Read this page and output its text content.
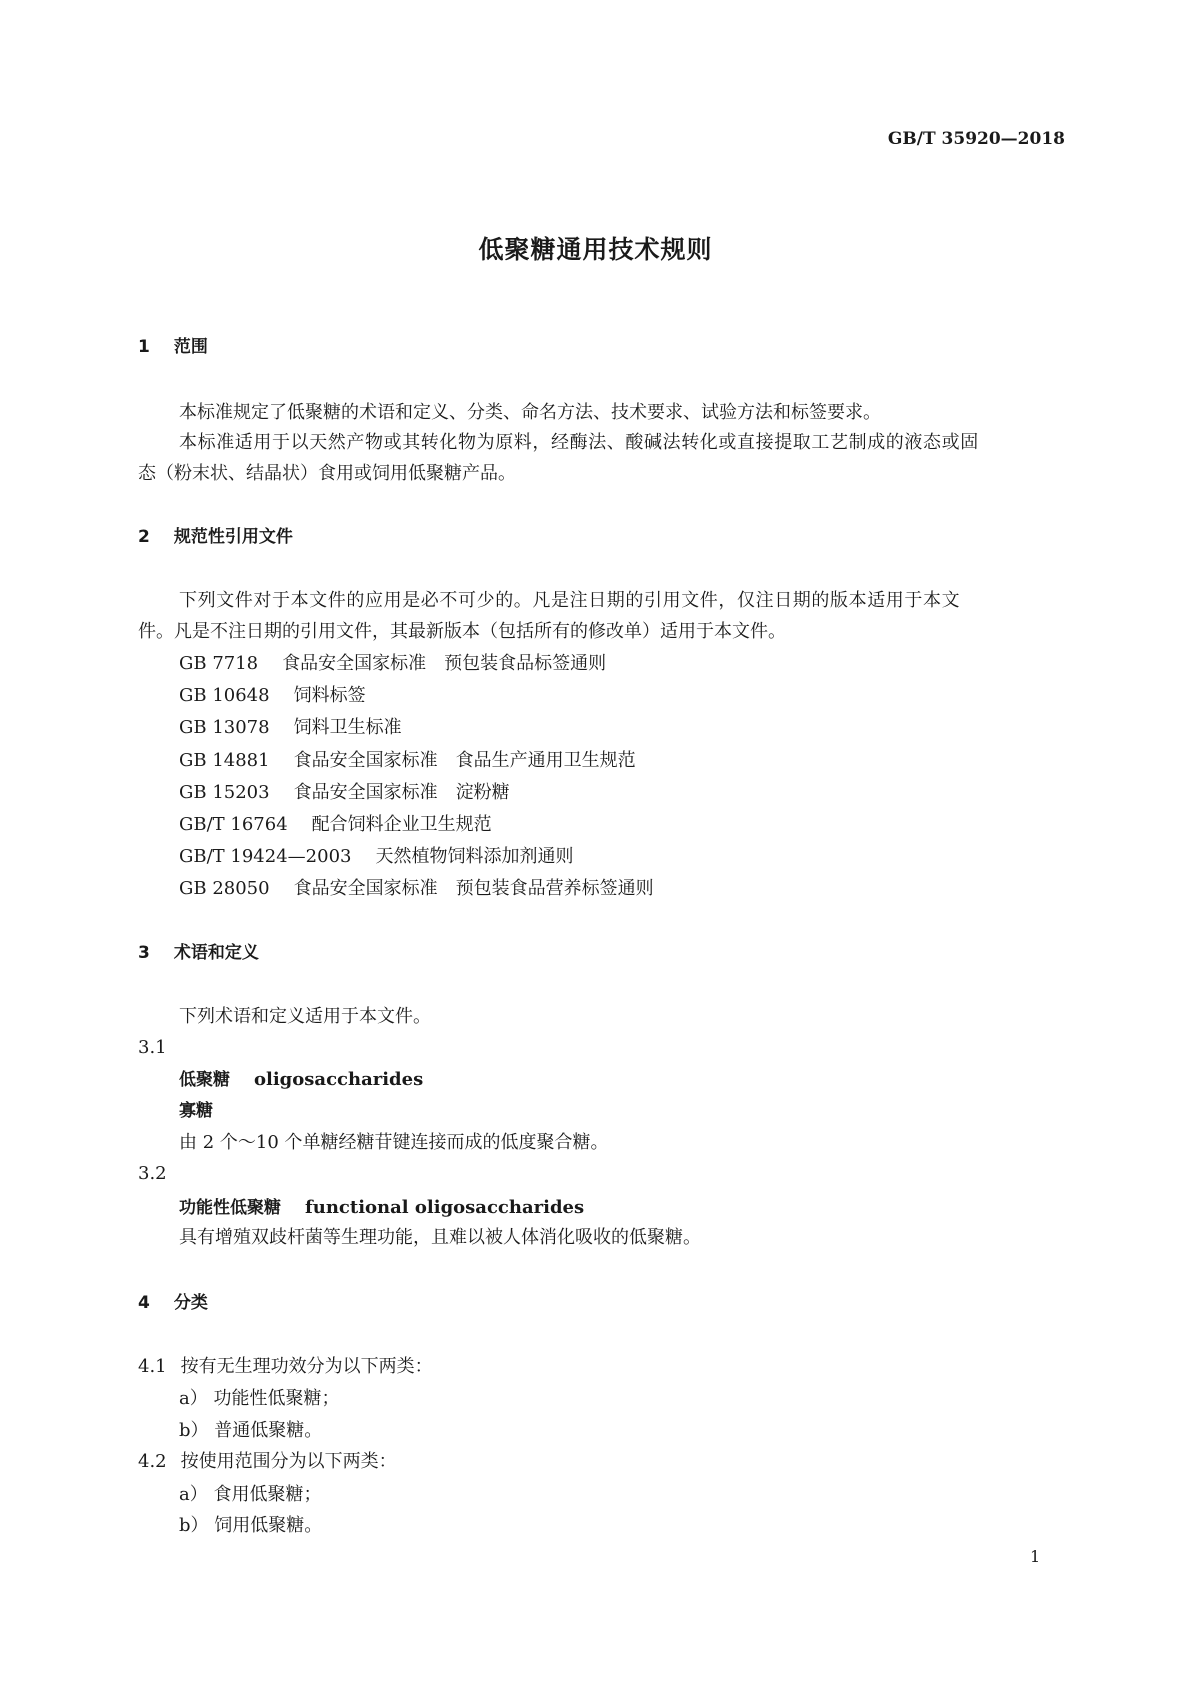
GB/T 35920—2018
低聚糖通用技术规则
1 范围
本标准规定了低聚糖的术语和定义、分类、命名方法、技术要求、试验方法和标签要求。
本标准适用于以天然产物或其转化物为原料，经酶法、酸碱法转化或直接提取工艺制成的液态或固
态（粉末状、结晶状）食用或饲用低聚糖产品。
2 规范性引用文件
下列文件对于本文件的应用是必不可少的。凡是注日期的引用文件，仅注日期的版本适用于本文
件。凡是不注日期的引用文件，其最新版本（包括所有的修改单）适用于本文件。
GB 7718 食品安全国家标准　预包装食品标签通则
GB 10648 饲料标签
GB 13078 饲料卫生标准
GB 14881 食品安全国家标准　食品生产通用卫生规范
GB 15203 食品安全国家标准　淀粉糖
GB/T 16764 配合饲料企业卫生规范
GB/T 19424—2003 天然植物饲料添加剂通则
GB 28050 食品安全国家标准　预包装食品营养标签通则
3 术语和定义
下列术语和定义适用于本文件。
3.1
低聚糖 oligosaccharides
寡糖
由 2 个～10 个单糖经糖苷键连接而成的低度聚合糖。
3.2
功能性低聚糖 functional oligosaccharides
具有增殖双歧杆菌等生理功能，且难以被人体消化吸收的低聚糖。
4 分类
4.1 按有无生理功效分为以下两类：
a） 功能性低聚糖；
b） 普通低聚糖。
4.2 按使用范围分为以下两类：
a） 食用低聚糖；
b） 饲用低聚糖。
1
